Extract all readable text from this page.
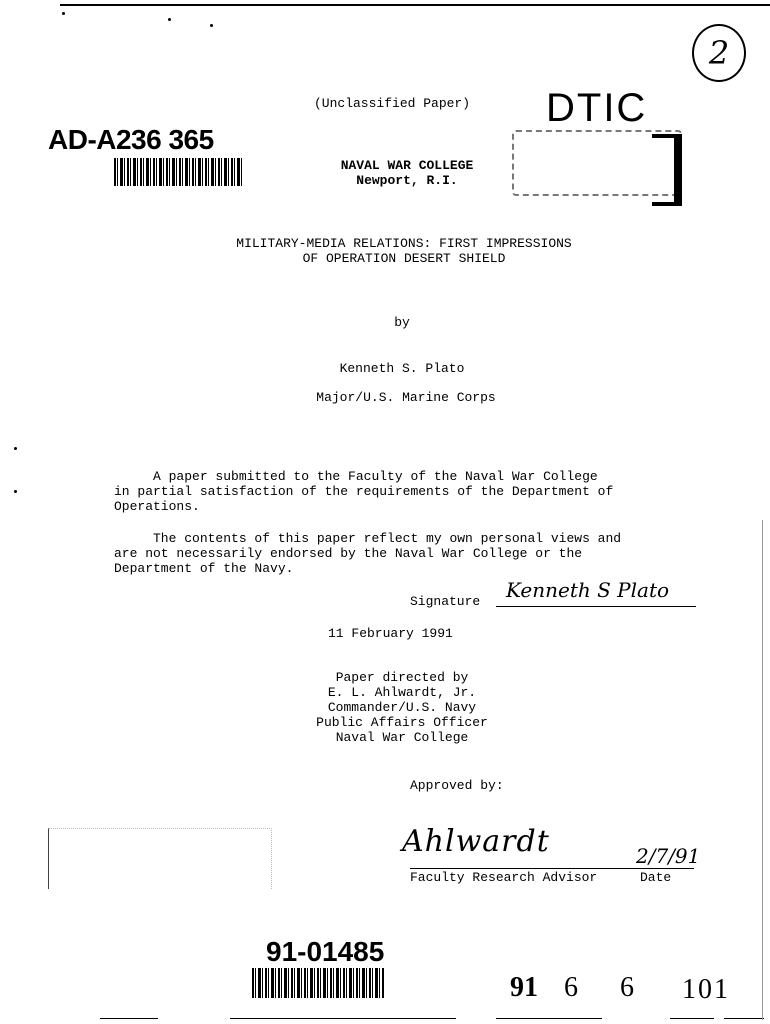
2
(Unclassified Paper) DTIC
AD-A236 365
NAVAL WAR COLLEGE
Newport, R.I.
MILITARY-MEDIA RELATIONS: FIRST IMPRESSIONS
OF OPERATION DESERT SHIELD
by
Kenneth S. Plato
Major/U.S. Marine Corps

A paper submitted to the Faculty of the Naval War College
in partial satisfaction of the requirements of the Department of
Operations.

The contents of this paper reflect my own personal views and
are not necessarily endorsed by the Naval War College or the
Department of the Navy.
Signature Kenneth S Plato
11 February 1991
Paper directed by
E. L. Ahlwardt, Jr.
Commander/U.S. Navy
Public Affairs Officer
Naval War College
Approved by:
Ahlwardt	2/7/91
Faculty Research Advisor	Date
91-01485
91 6 6 101
